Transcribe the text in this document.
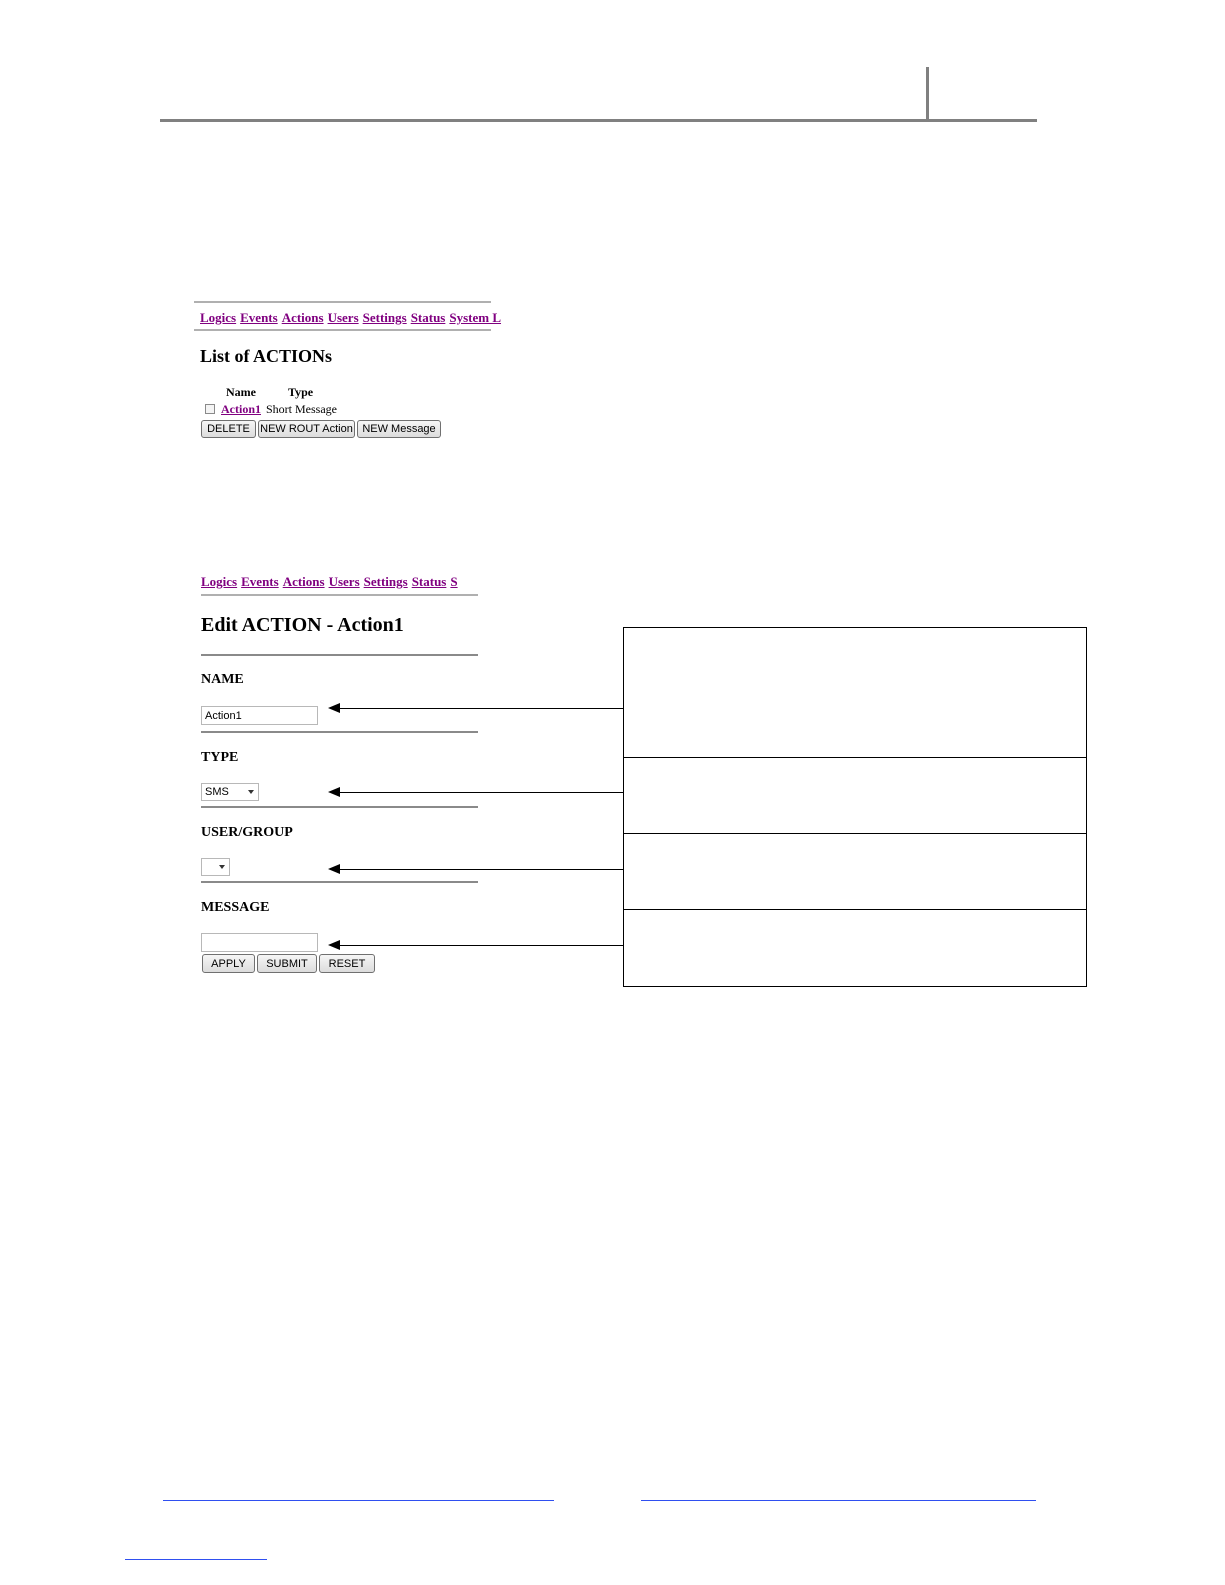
Logics Events Actions Users Settings Status System L
List of ACTIONs
Name	Type
Action1 Short Message
DELETE NEW ROUT Action NEW Message
Logics Events Actions Users Settings Status S
Edit ACTION - Action1
NAME
Action1
TYPE
SMS
USER/GROUP
MESSAGE
APPLY	SUBMIT	RESET
